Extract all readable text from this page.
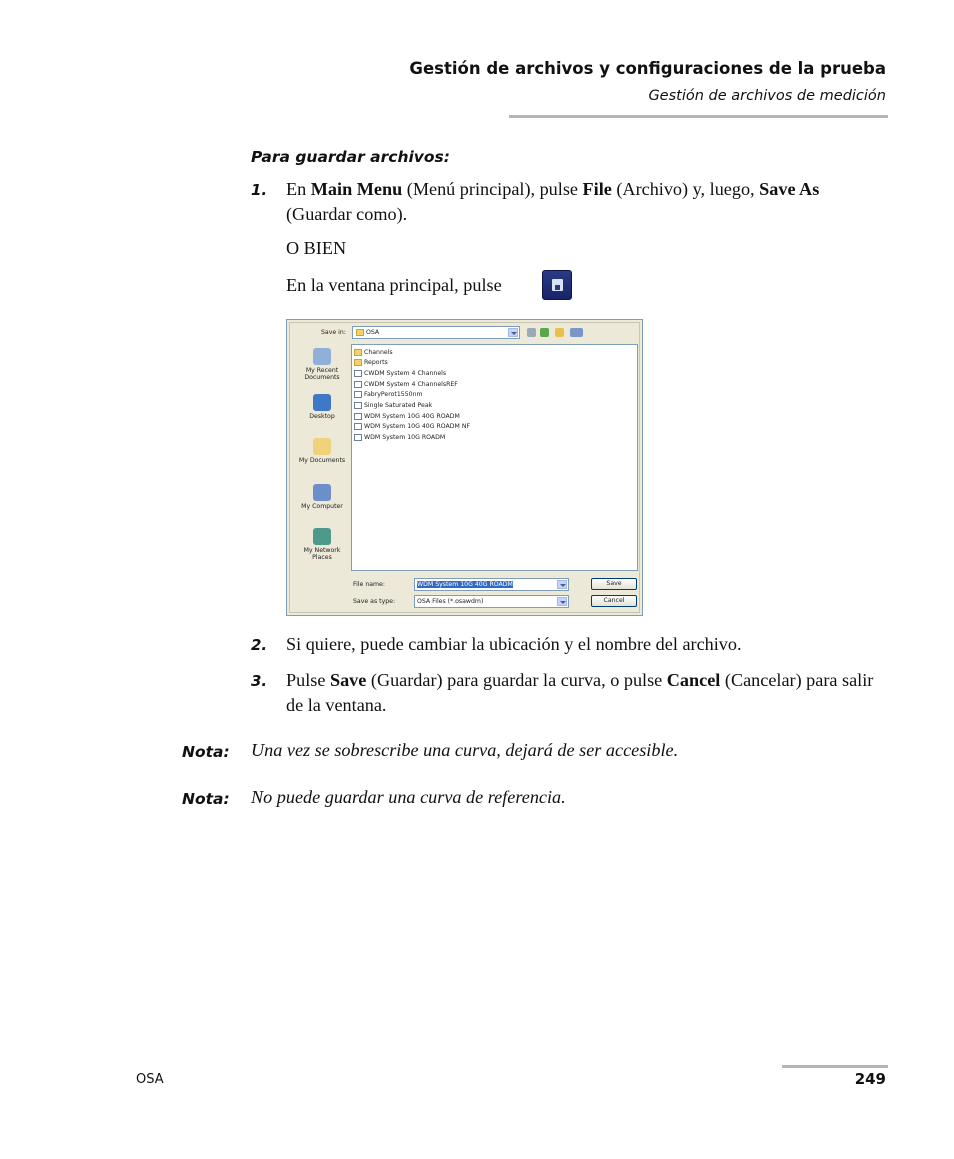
Gestión de archivos y configuraciones de la prueba
Gestión de archivos de medición
Para guardar archivos:
1. En Main Menu (Menú principal), pulse File (Archivo) y, luego, Save As (Guardar como).
O BIEN
En la ventana principal, pulse
Save in:	OSA
My Recent Documents
Desktop
My Documents
My Computer
My Network Places
Channels
Reports
CWDM System 4 Channels
CWDM System 4 ChannelsREF
FabryPerot1550nm
Single Saturated Peak
WDM System 10G 40G ROADM
WDM System 10G 40G ROADM NF
WDM System 10G ROADM
File name:	WDM System 10G 40G ROADM
Save as type:	OSA Files (*.osawdm)
Save
Cancel
2. Si quiere, puede cambiar la ubicación y el nombre del archivo.
3. Pulse Save (Guardar) para guardar la curva, o pulse Cancel (Cancelar) para salir de la ventana.
Nota: Una vez se sobrescribe una curva, dejará de ser accesible.
Nota: No puede guardar una curva de referencia.
OSA	249
